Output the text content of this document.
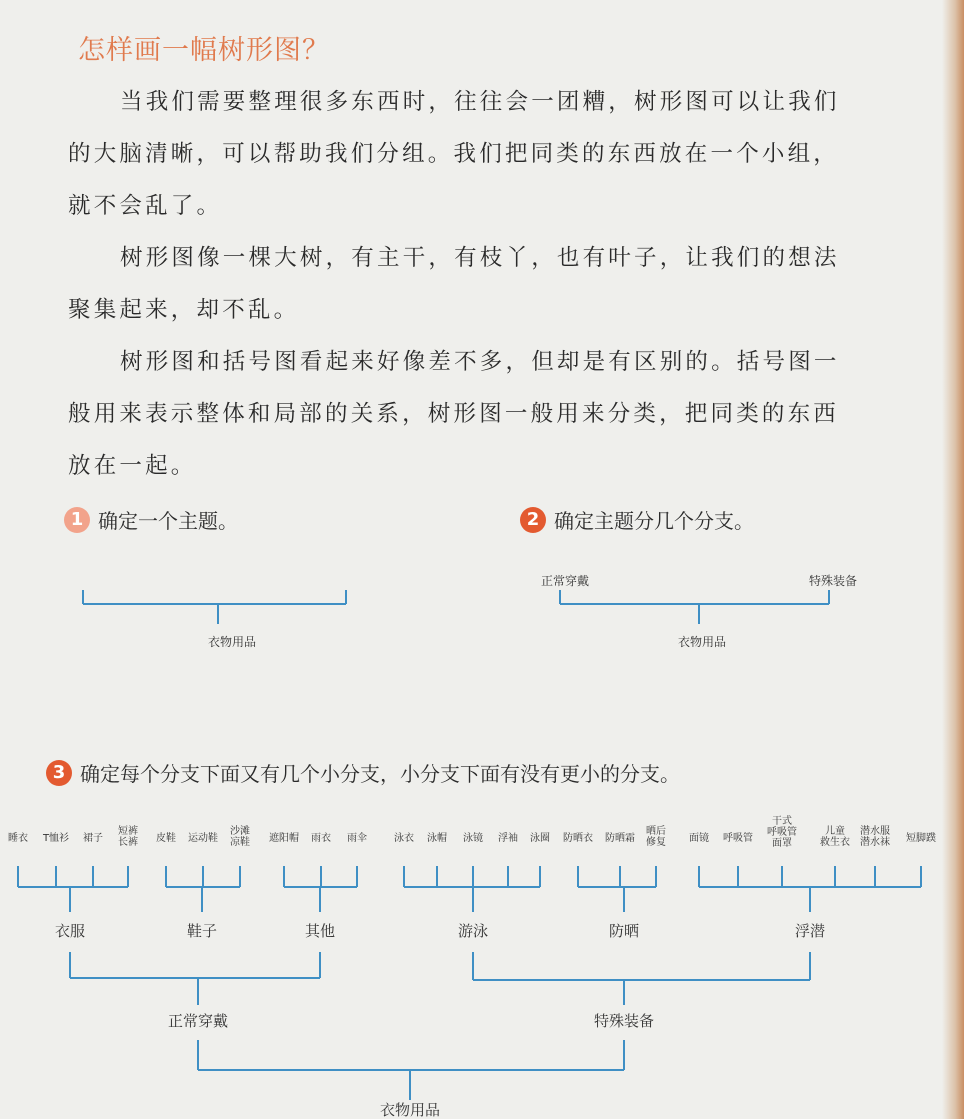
怎样画一幅树形图？

当我们需要整理很多东西时，往往会一团糟，树形图可以让我们的大脑清晰，可以帮助我们分组。我们把同类的东西放在一个小组，就不会乱了。

树形图像一棵大树，有主干，有枝丫，也有叶子，让我们的想法聚集起来，却不乱。

树形图和括号图看起来好像差不多，但却是有区别的。括号图一般用来表示整体和局部的关系，树形图一般用来分类，把同类的东西放在一起。

1 确定一个主题。	2 确定主题分几个分支。
3 确定每个分支下面又有几个小分支，小分支下面有没有更小的分支。
衣物用品
正常穿戴	特殊装备
衣物用品
睡衣 T恤衫 裙子
短裤
长裤 皮鞋 运动鞋
沙滩
凉鞋 遮阳帽 雨衣 雨伞	泳衣 泳帽 泳镜 浮袖 泳圈 防晒衣 防晒霜
晒后
修复 面镜 呼吸管
干式
呼吸管
面罩
儿童
救生衣
潜水服
潜水袜 短脚蹼
衣服	鞋子	其他	游泳	防晒	浮潜
正常穿戴	特殊装备
衣物用品
